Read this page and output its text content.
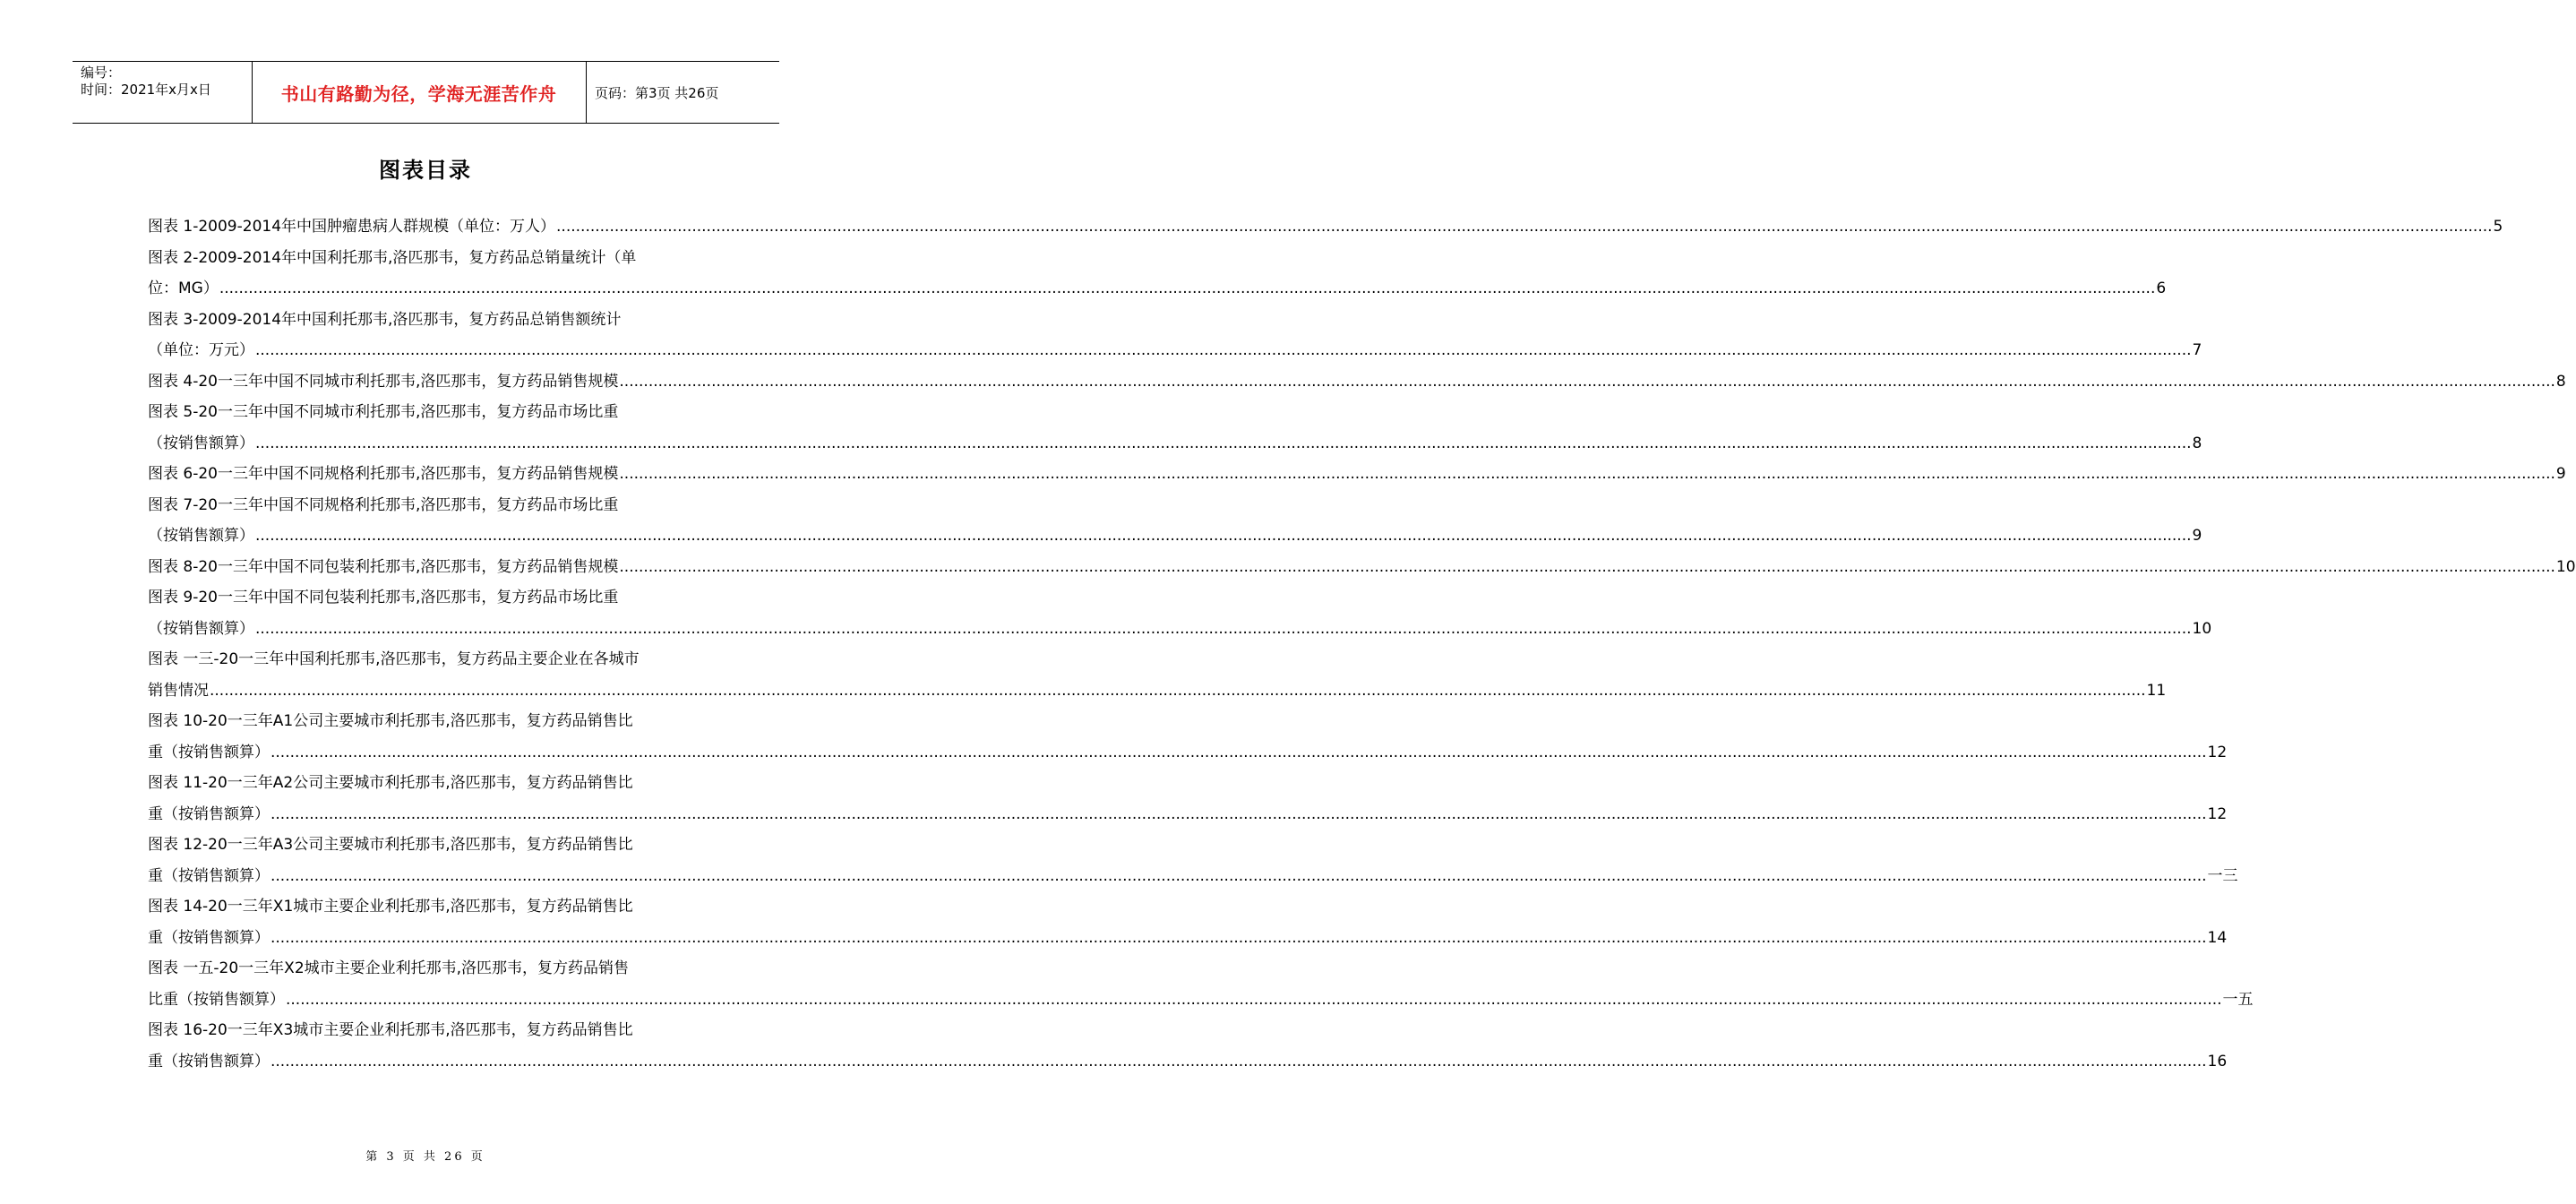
编号：
时间：2021年x月x日	书山有路勤为径，学海无涯苦作舟	页码：第3页 共26页
图表目录
图表 1-2009-2014年中国肿瘤患病人群规模（单位：万人） ................................................................................................................................................................................................................................................................................................................................................................................................................ 5
图表 2-2009-2014年中国利托那韦,洛匹那韦，复方药品总销量统计（单
位：MG） ................................................................................................................................................................................................................................................................................................................................................................................................................ 6
图表 3-2009-2014年中国利托那韦,洛匹那韦，复方药品总销售额统计
（单位：万元） ................................................................................................................................................................................................................................................................................................................................................................................................................ 7
图表 4-20一三年中国不同城市利托那韦,洛匹那韦，复方药品销售规模 ................................................................................................................................................................................................................................................................................................................................................................................................................ 8
图表 5-20一三年中国不同城市利托那韦,洛匹那韦，复方药品市场比重
（按销售额算） ................................................................................................................................................................................................................................................................................................................................................................................................................ 8
图表 6-20一三年中国不同规格利托那韦,洛匹那韦，复方药品销售规模 ................................................................................................................................................................................................................................................................................................................................................................................................................ 9
图表 7-20一三年中国不同规格利托那韦,洛匹那韦，复方药品市场比重
（按销售额算） ................................................................................................................................................................................................................................................................................................................................................................................................................ 9
图表 8-20一三年中国不同包装利托那韦,洛匹那韦，复方药品销售规模 ................................................................................................................................................................................................................................................................................................................................................................................................................ 10
图表 9-20一三年中国不同包装利托那韦,洛匹那韦，复方药品市场比重
（按销售额算） ................................................................................................................................................................................................................................................................................................................................................................................................................ 10
图表 一三-20一三年中国利托那韦,洛匹那韦，复方药品主要企业在各城市
销售情况 ................................................................................................................................................................................................................................................................................................................................................................................................................ 11
图表 10-20一三年A1公司主要城市利托那韦,洛匹那韦，复方药品销售比
重（按销售额算） ................................................................................................................................................................................................................................................................................................................................................................................................................ 12
图表 11-20一三年A2公司主要城市利托那韦,洛匹那韦，复方药品销售比
重（按销售额算） ................................................................................................................................................................................................................................................................................................................................................................................................................ 12
图表 12-20一三年A3公司主要城市利托那韦,洛匹那韦，复方药品销售比
重（按销售额算） ................................................................................................................................................................................................................................................................................................................................................................................................................ 一三
图表 14-20一三年X1城市主要企业利托那韦,洛匹那韦，复方药品销售比
重（按销售额算） ................................................................................................................................................................................................................................................................................................................................................................................................................ 14
图表 一五-20一三年X2城市主要企业利托那韦,洛匹那韦，复方药品销售
比重（按销售额算） ................................................................................................................................................................................................................................................................................................................................................................................................................ 一五
图表 16-20一三年X3城市主要企业利托那韦,洛匹那韦，复方药品销售比
重（按销售额算） ................................................................................................................................................................................................................................................................................................................................................................................................................ 16
第 3 页 共 26 页
